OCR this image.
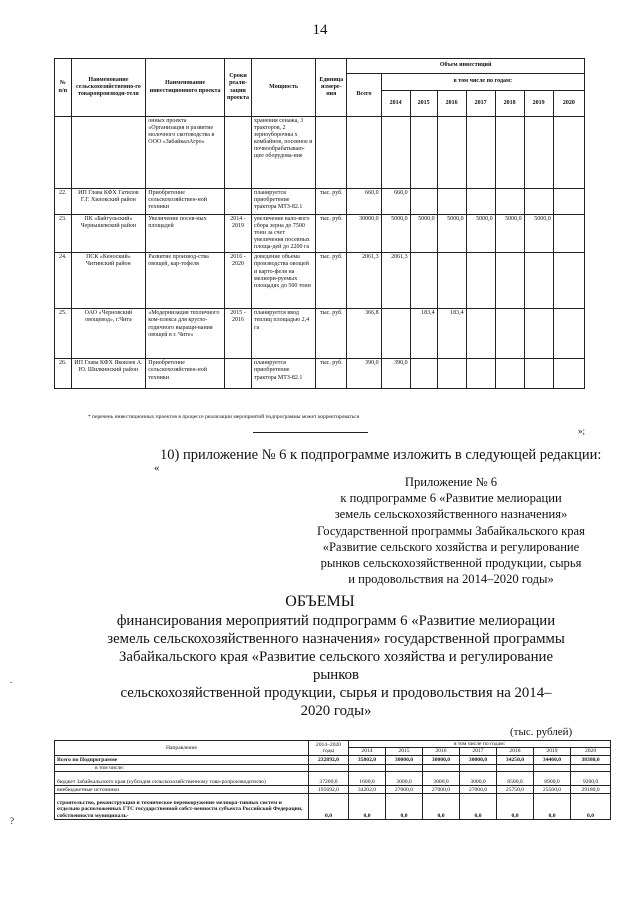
14
№ п/п	Наименование сельскохозяйственно-го товаропроизводи-теля	Наименование инвестиционного проекта	Сроки реали-зации проекта	Мощность	Единица измере-ния	Объем инвестиций							
						Всего	в том числе по годам:						
							2014	2015	2016	2017	2018	2019	2020
		онных проекта «Организация и развитие молочного скотоводства в ООО «ЗабайкалАгро»		хранения сенажа, 3 тракторов, 2 зерноуборочны х комбайнов, посевное и почвообрабатываю-щее оборудова-ние									
22.	ИП Глава КФХ Гатилов Г.Г. Хилокский район	Приобретение сельскохозяйствен-ной техники		планируется приобретение трактора МТЗ-82.1	тыс. руб.	660,0	660,0						
23.	ПК «Байгульский» Чернышевский район	Увеличение посев-ных площадей	2014 - 2019	увеличение вало-вого сбора зерна до 7500 тонн за счет увеличения посевных площа-дей до 2200 га	тыс. руб.	30000,0	5000,0	5000,0	5000,0	5000,0	5000,0	5000,0	
24.	ПСК «Кеноский» Читинский район	Развитие производ-ства овощей, кар-тофеля	2016 - 2020	доведение объема производства овощей и карто-феля на мелиори-руемых площадях до 500 тонн	тыс. руб.	2061,3	2061,3						
25.	ОАО «Черновский овощевод», г.Чита	«Модернизация тепличного ком-плекса для кругло-годичного выращи-вания овощей в г. Чите»	2015 - 2016	планируется ввод теплиц площадью 2,4 га	тыс. руб.	366,8		183,4	183,4				
26.	ИП Глава КФХ Яковлев А. Ю. Шилкинский район	Приобретение сельскохозяйствен-ной техники		планируется приобретение трактора МТЗ-82.1	тыс. руб.	390,0	390,0						
* перечень инвестиционных проектов в процессе реализации мероприятий подпрограммы может корректироваться
»;
10) приложение № 6 к подпрограмме изложить в следующей редакции:
«
Приложение № 6
к подпрограмме 6 «Развитие мелиорации
земель сельскохозяйственного назначения»
Государственной программы Забайкальского края
«Развитие сельского хозяйства и регулирование
рынков сельскохозяйственной продукции, сырья
и продовольствия на 2014–2020 годы»
ОБЪЕМЫ
финансирования мероприятий подпрограмм 6 «Развитие мелиорации
земель сельскохозяйственного назначения» государственной программы
Забайкальского края «Развитие сельского хозяйства и регулирование
рынков
сельскохозяйственной продукции, сырья и продовольствия на 2014–
2020 годы»
(тыс. рублей)
Направление	2014–2020 годы	в том числе по годам:						
		2014	2015	2016	2017	2018	2019	2020
Всего по Подпрограмме	232892,0	35802,0	30000,0	30000,0	30000,0	34250,0	34460,0	38380,0
в том числе:								
бюджет Забайкальского края (субсидия сельскохозяйственному това-ропроизводителю)	37200,0	1600,0	3000,0	3000,0	3000,0	8500,0	8900,0	9200,0
внебюджетные источники	195692,0	34202,0	27000,0	27000,0	27000,0	25750,0	25560,0	29180,0
строительство, реконструкция и техническое перевооружение мелиора-тивных систем и отдельно расположенных ГТС государственной собст-венности субъекта Российской Федерации, собственности муниципаль-	0,0	0,0	0,0	0,0	0,0	0,0	0,0	0,0
.
?
